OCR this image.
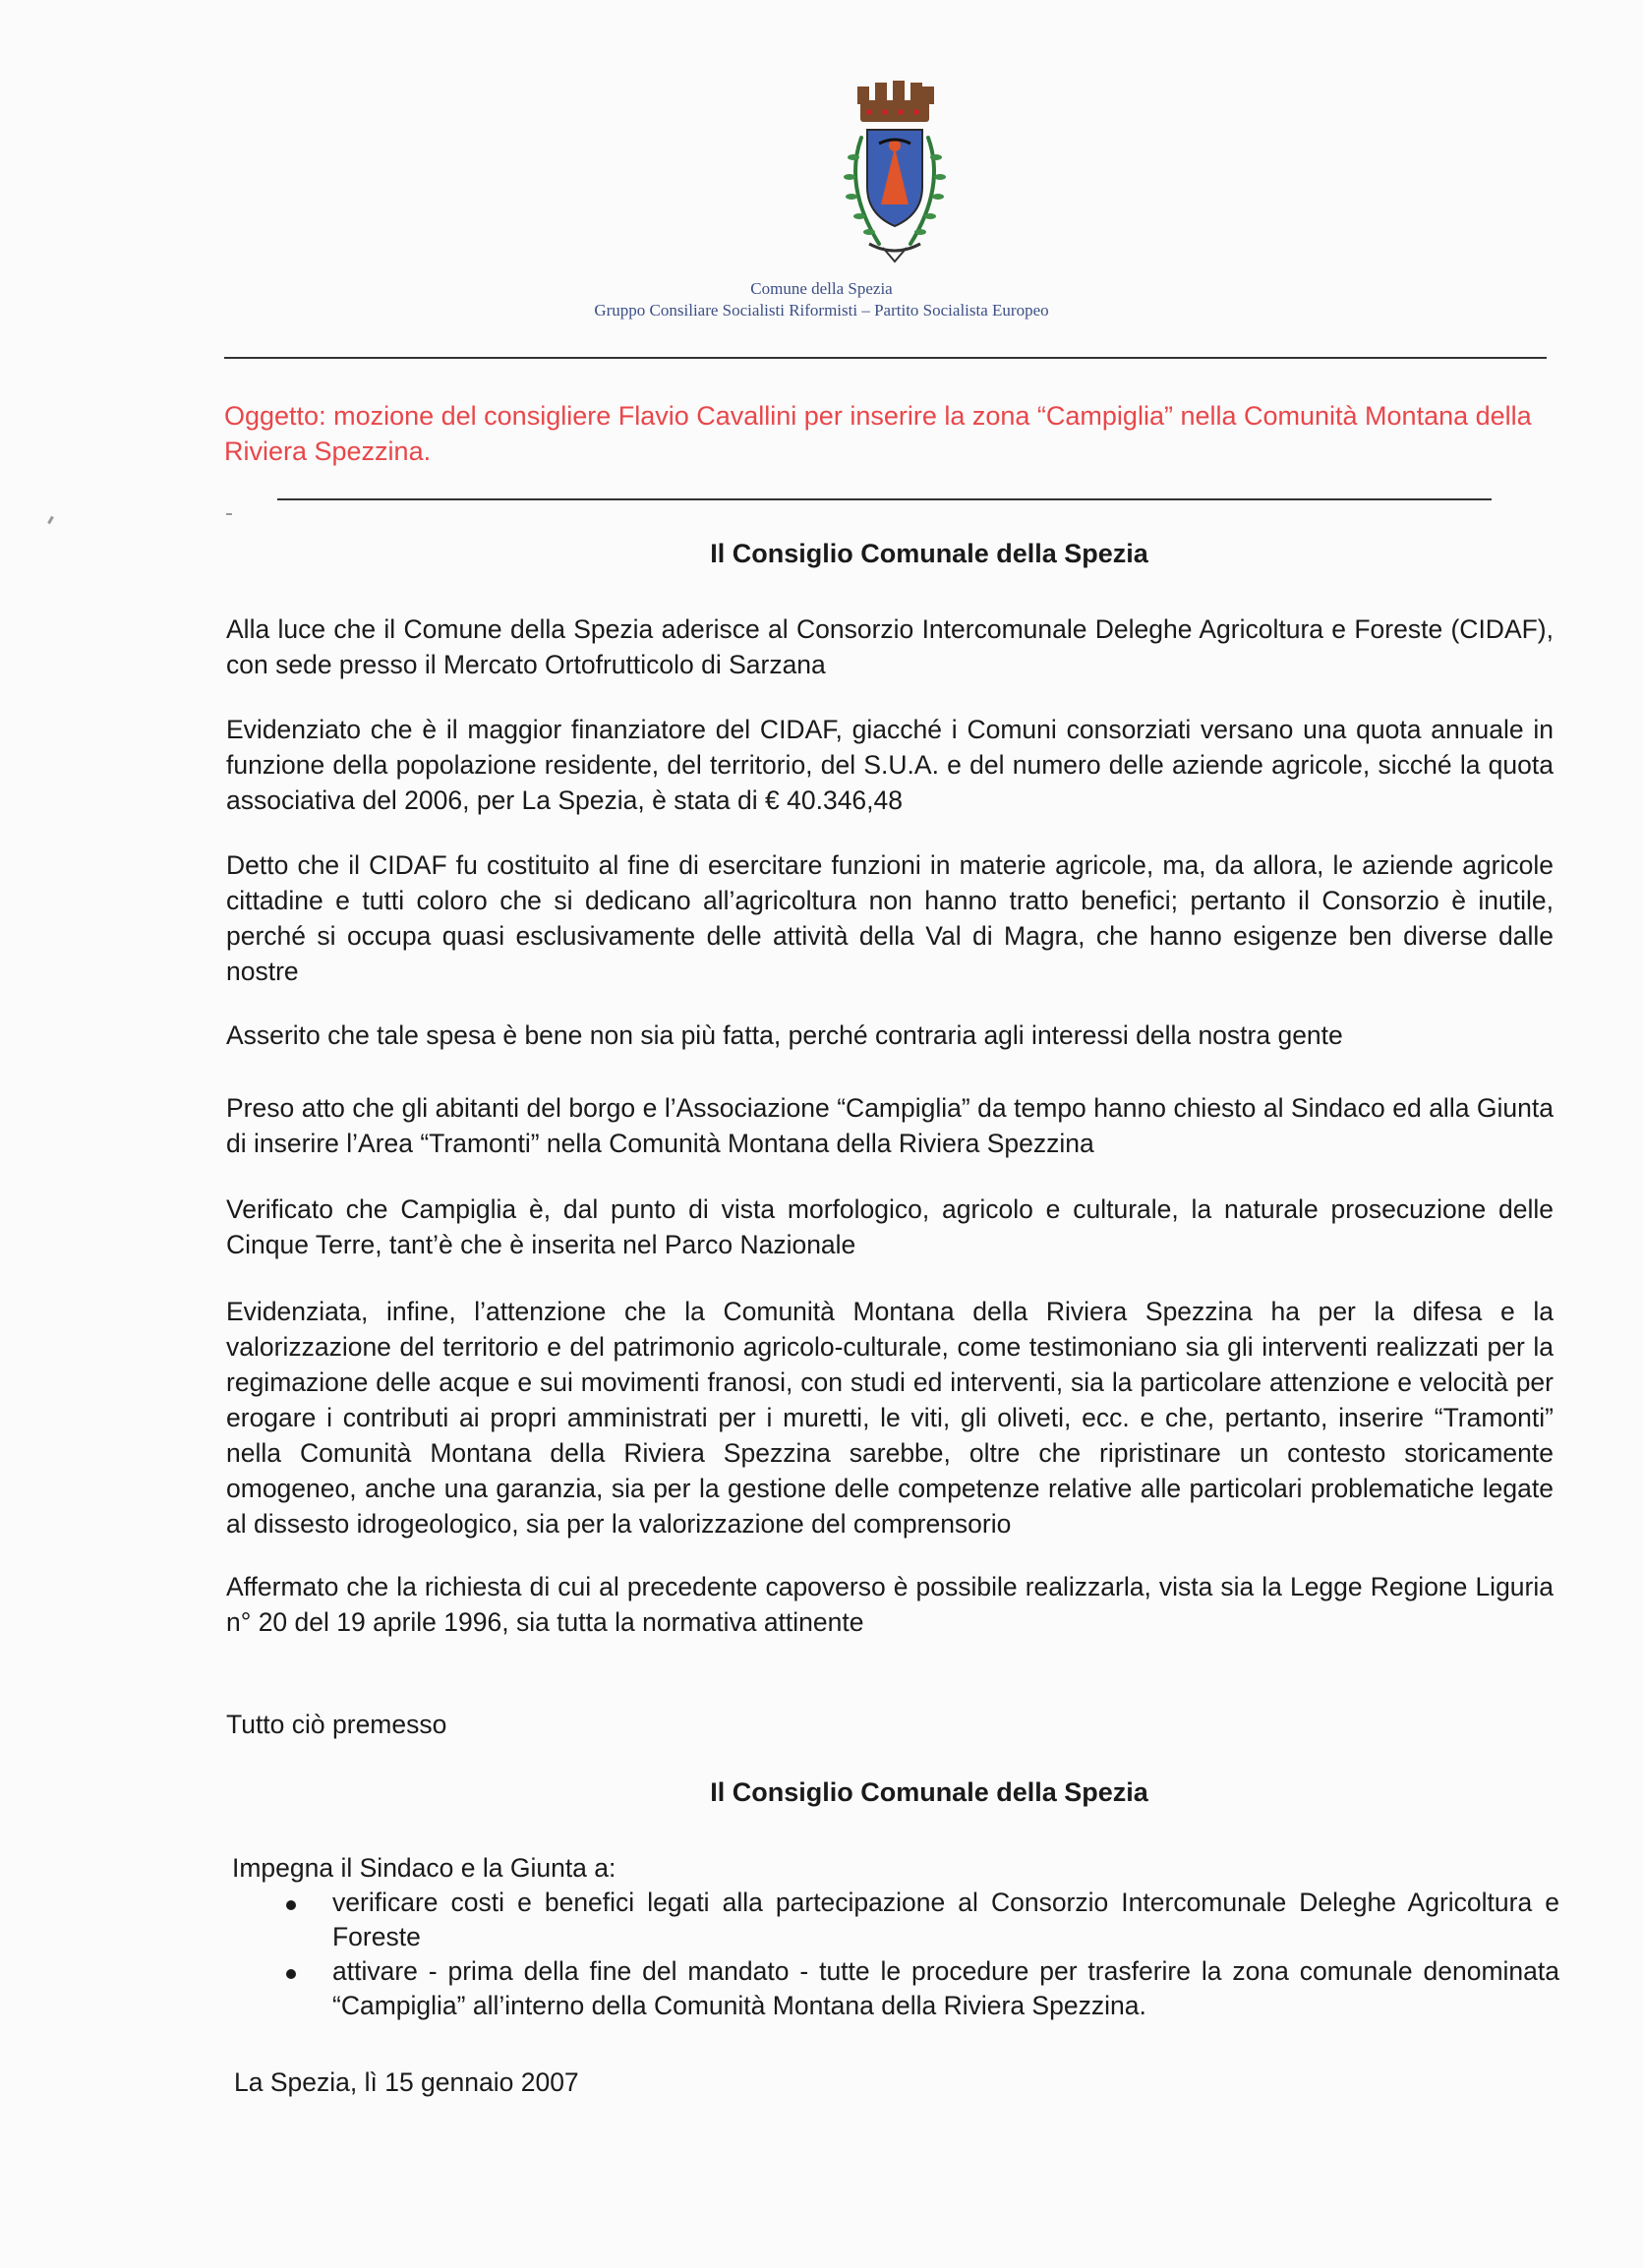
Comune della Spezia
Gruppo Consiliare Socialisti Riformisti – Partito Socialista Europeo
Oggetto: mozione del consigliere Flavio Cavallini per inserire la zona “Campiglia” nella Comunità Montana della Riviera Spezzina.
Il Consiglio Comunale della Spezia
Alla luce che il Comune della Spezia aderisce al Consorzio Intercomunale Deleghe Agricoltura e Foreste (CIDAF), con sede presso il Mercato Ortofrutticolo di Sarzana
Evidenziato che è il maggior finanziatore del CIDAF, giacché i Comuni consorziati versano una quota annuale in funzione della popolazione residente, del territorio, del S.U.A. e del numero delle aziende agricole, sicché la quota associativa del 2006, per La Spezia, è stata di € 40.346,48
Detto che il CIDAF fu costituito al fine di esercitare funzioni in materie agricole, ma, da allora, le aziende agricole cittadine e tutti coloro che si dedicano all’agricoltura non hanno tratto benefici; pertanto il Consorzio è inutile, perché si occupa quasi esclusivamente delle attività della Val di Magra, che hanno esigenze ben diverse dalle nostre
Asserito che tale spesa è bene non sia più fatta, perché contraria agli interessi della nostra gente
Preso atto che gli abitanti del borgo e l’Associazione “Campiglia” da tempo hanno chiesto al Sindaco ed alla Giunta di inserire l’Area “Tramonti” nella Comunità Montana della Riviera Spezzina
Verificato che Campiglia è, dal punto di vista morfologico, agricolo e culturale, la naturale prosecuzione delle Cinque Terre, tant’è che è inserita nel Parco Nazionale
Evidenziata, infine, l’attenzione che la Comunità Montana della Riviera Spezzina ha per la difesa e la valorizzazione del territorio e del patrimonio agricolo-culturale, come testimoniano sia gli interventi realizzati per la regimazione delle acque e sui movimenti franosi, con studi ed interventi, sia la particolare attenzione e velocità per erogare i contributi ai propri amministrati per i muretti, le viti, gli oliveti, ecc. e che, pertanto, inserire “Tramonti” nella Comunità Montana della Riviera Spezzina sarebbe, oltre che ripristinare un contesto storicamente omogeneo, anche una garanzia, sia per la gestione delle competenze relative alle particolari problematiche legate al dissesto idrogeologico, sia per la valorizzazione del comprensorio
Affermato che la richiesta di cui al precedente capoverso è possibile realizzarla, vista sia la Legge Regione Liguria n° 20 del 19 aprile 1996, sia tutta la normativa attinente
Tutto ciò premesso
Il Consiglio Comunale della Spezia
Impegna il Sindaco e la Giunta a:
verificare costi e benefici legati alla partecipazione al Consorzio Intercomunale Deleghe Agricoltura e Foreste
attivare - prima della fine del mandato - tutte le procedure per trasferire la zona comunale denominata “Campiglia” all’interno della Comunità Montana della Riviera Spezzina.
La Spezia, lì 15 gennaio 2007
